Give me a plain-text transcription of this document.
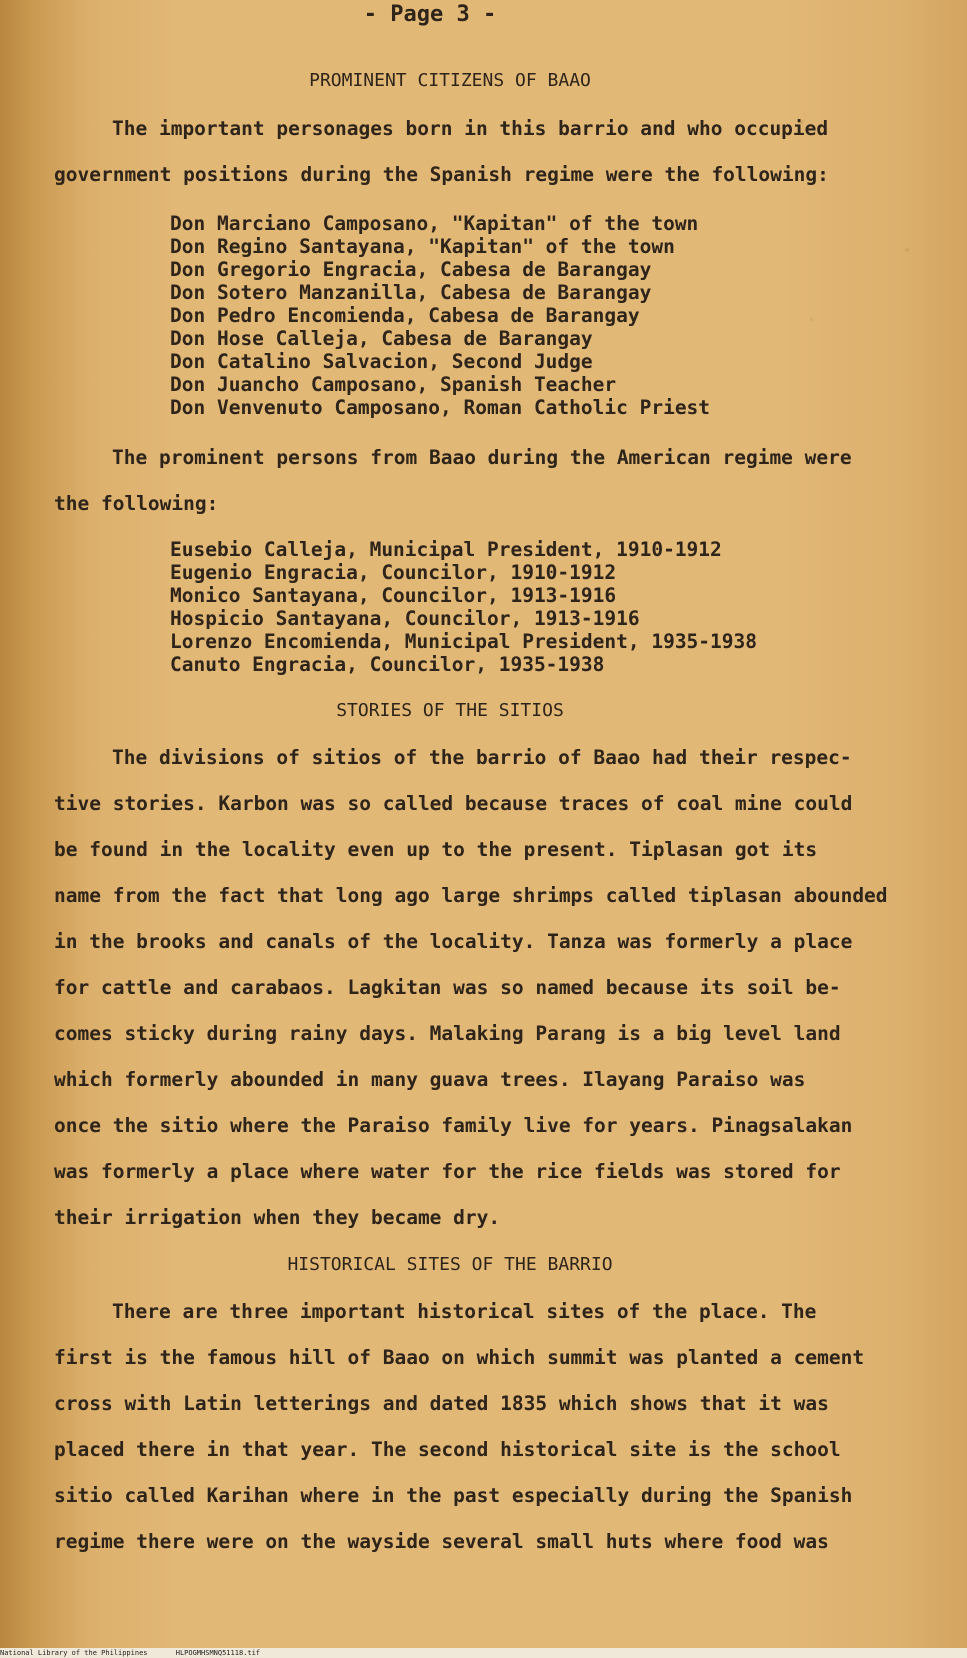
- Page 3 -
PROMINENT CITIZENS OF BAAO
The important personages born in this barrio and who occupied
government positions during the Spanish regime were the following:
Don Marciano Camposano, "Kapitan" of the town
Don Regino Santayana, "Kapitan" of the town
Don Gregorio Engracia, Cabesa de Barangay
Don Sotero Manzanilla, Cabesa de Barangay
Don Pedro Encomienda, Cabesa de Barangay
Don Hose Calleja, Cabesa de Barangay
Don Catalino Salvacion, Second Judge
Don Juancho Camposano, Spanish Teacher
Don Venvenuto Camposano, Roman Catholic Priest
The prominent persons from Baao during the American regime were
the following:
Eusebio Calleja, Municipal President, 1910-1912
Eugenio Engracia, Councilor, 1910-1912
Monico Santayana, Councilor, 1913-1916
Hospicio Santayana, Councilor, 1913-1916
Lorenzo Encomienda, Municipal President, 1935-1938
Canuto Engracia, Councilor, 1935-1938
STORIES OF THE SITIOS
The divisions of sitios of the barrio of Baao had their respec-
tive stories. Karbon was so called because traces of coal mine could
be found in the locality even up to the present. Tiplasan got its
name from the fact that long ago large shrimps called tiplasan abounded
in the brooks and canals of the locality. Tanza was formerly a place
for cattle and carabaos. Lagkitan was so named because its soil be-
comes sticky during rainy days. Malaking Parang is a big level land
which formerly abounded in many guava trees. Ilayang Paraiso was
once the sitio where the Paraiso family live for years. Pinagsalakan
was formerly a place where water for the rice fields was stored for
their irrigation when they became dry.
HISTORICAL SITES OF THE BARRIO
There are three important historical sites of the place. The
first is the famous hill of Baao on which summit was planted a cement
cross with Latin letterings and dated 1835 which shows that it was
placed there in that year. The second historical site is the school
sitio called Karihan where in the past especially during the Spanish
regime there were on the wayside several small huts where food was
National Library of the Philippines	HLPOGMHSMNQ51118.tif
